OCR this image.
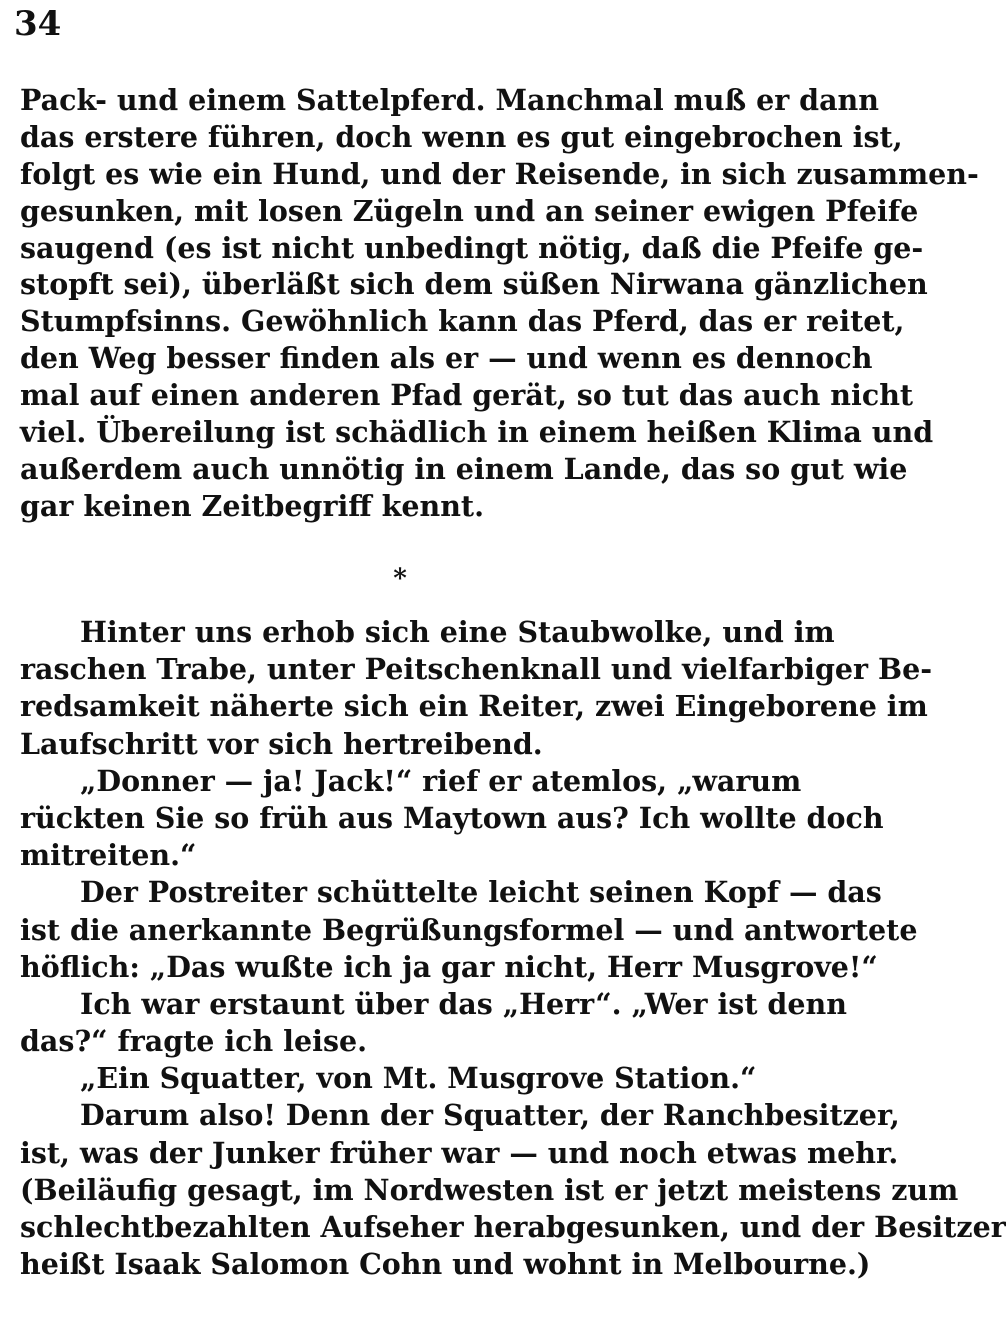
34
Pack- und einem Sattelpferd. Manchmal muß er dann
das erstere führen, doch wenn es gut eingebrochen ist,
folgt es wie ein Hund, und der Reisende, in sich zusammen-
gesunken, mit losen Zügeln und an seiner ewigen Pfeife
saugend (es ist nicht unbedingt nötig, daß die Pfeife ge-
stopft sei), überläßt sich dem süßen Nirwana gänzlichen
Stumpfsinns. Gewöhnlich kann das Pferd, das er reitet,
den Weg besser finden als er — und wenn es dennoch
mal auf einen anderen Pfad gerät, so tut das auch nicht
viel. Übereilung ist schädlich in einem heißen Klima und
außerdem auch unnötig in einem Lande, das so gut wie
gar keinen Zeitbegriff kennt.
*
Hinter uns erhob sich eine Staubwolke, und im
raschen Trabe, unter Peitschenknall und vielfarbiger Be-
redsamkeit näherte sich ein Reiter, zwei Eingeborene im
Laufschritt vor sich hertreibend.
„Donner — ja! Jack!“ rief er atemlos, „warum
rückten Sie so früh aus Maytown aus? Ich wollte doch
mitreiten.“
Der Postreiter schüttelte leicht seinen Kopf — das
ist die anerkannte Begrüßungsformel — und antwortete
höflich: „Das wußte ich ja gar nicht, Herr Musgrove!“
Ich war erstaunt über das „Herr“. „Wer ist denn
das?“ fragte ich leise.
„Ein Squatter, von Mt. Musgrove Station.“
Darum also! Denn der Squatter, der Ranchbesitzer,
ist, was der Junker früher war — und noch etwas mehr.
(Beiläufig gesagt, im Nordwesten ist er jetzt meistens zum
schlechtbezahlten Aufseher herabgesunken, und der Besitzer
heißt Isaak Salomon Cohn und wohnt in Melbourne.)
